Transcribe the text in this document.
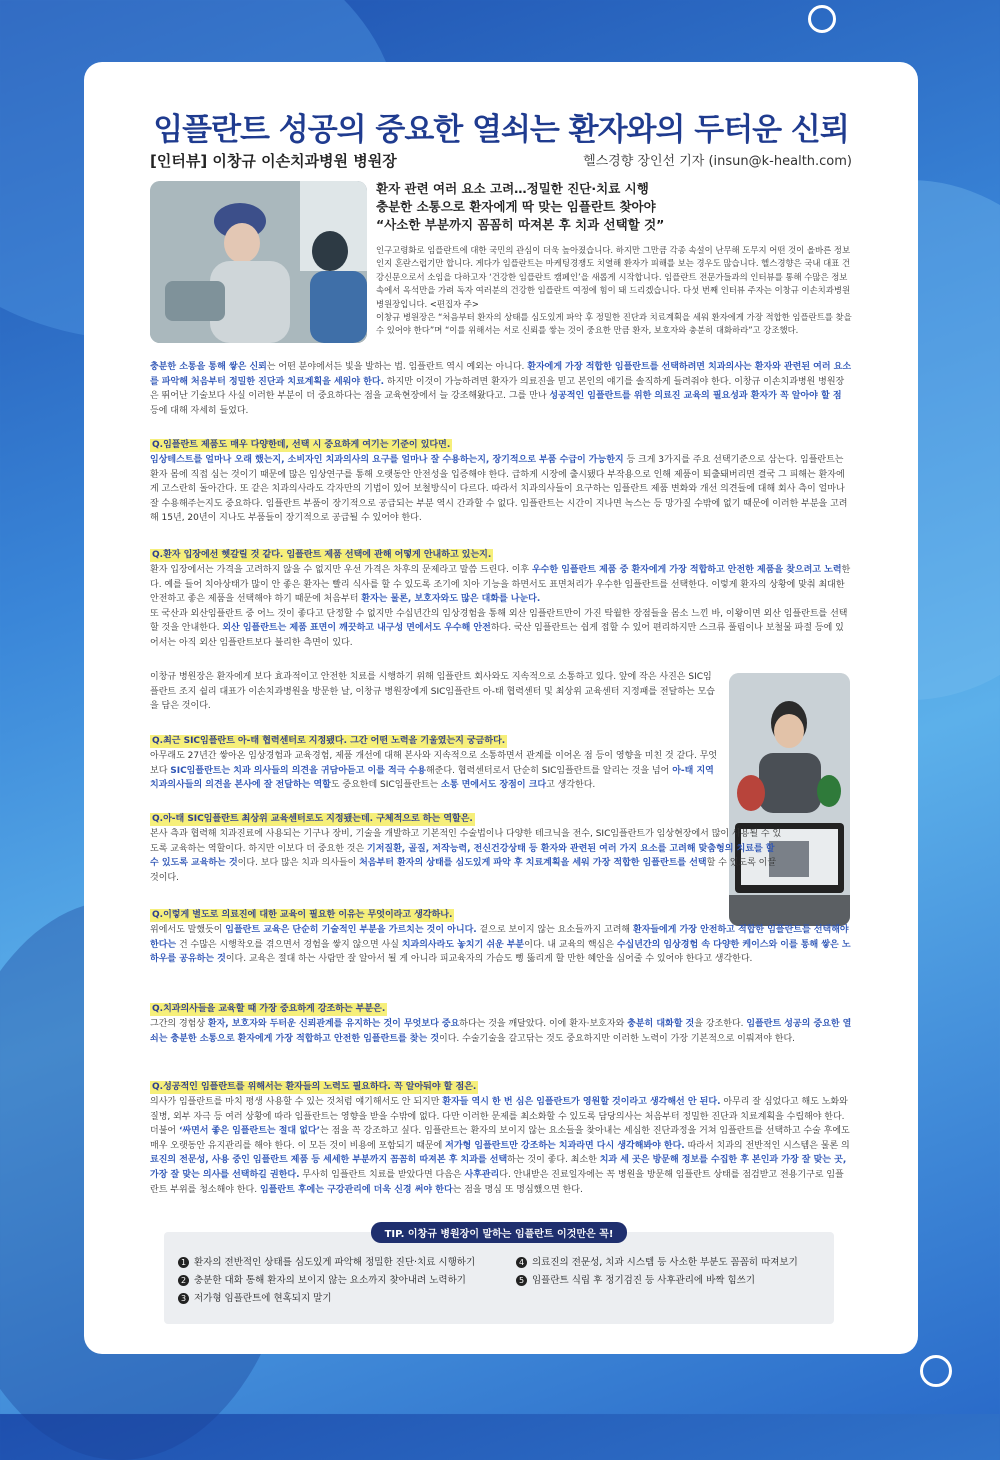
임플란트 성공의 중요한 열쇠는 환자와의 두터운 신뢰
[인터뷰] 이창규 이손치과병원 병원장	헬스경향 장인선 기자 (insun@k-health.com)
환자 관련 여러 요소 고려…정밀한 진단·치료 시행
충분한 소통으로 환자에게 딱 맞는 임플란트 찾아야
“사소한 부분까지 꼼꼼히 따져본 후 치과 선택할 것”
인구고령화로 임플란트에 대한 국민의 관심이 더욱 높아졌습니다. 하지만 그만큼 각종 속설이 난무해 도무지 어떤 것이 올바른 정보인지 혼란스럽기만 합니다. 게다가 임플란트는 마케팅경쟁도 치열해 환자가 피해를 보는 경우도 많습니다. 헬스경향은 국내 대표 건강신문으로서 소임을 다하고자 ‘건강한 임플란트 캠페인’을 새롭게 시작합니다. 임플란트 전문가들과의 인터뷰를 통해 수많은 정보 속에서 옥석만을 가려 독자 여러분의 건강한 임플란트 여정에 힘이 돼 드리겠습니다. 다섯 번째 인터뷰 주자는 이창규 이손치과병원 병원장입니다. <편집자 주>
이창규 병원장은 “처음부터 환자의 상태를 심도있게 파악 후 정밀한 진단과 치료계획을 세워 환자에게 가장 적합한 임플란트를 찾을 수 있어야 한다”며 “이를 위해서는 서로 신뢰를 쌓는 것이 중요한 만큼 환자, 보호자와 충분히 대화하라”고 강조했다.

충분한 소통을 통해 쌓은 신뢰는 어떤 분야에서든 빛을 발하는 법. 임플란트 역시 예외는 아니다. 환자에게 가장 적합한 임플란트를 선택하려면 치과의사는 환자와 관련된 여러 요소를 파악해 처음부터 정밀한 진단과 치료계획을 세워야 한다. 하지만 이것이 가능하려면 환자가 의료진을 믿고 본인의 얘기를 솔직하게 들려줘야 한다. 이창규 이손치과병원 병원장은 뛰어난 기술보다 사실 이러한 부분이 더 중요하다는 점을 교육현장에서 늘 강조해왔다고. 그를 만나 성공적인 임플란트를 위한 의료진 교육의 필요성과 환자가 꼭 알아야 할 점 등에 대해 자세히 들었다.

Q.임플란트 제품도 매우 다양한데, 선택 시 중요하게 여기는 기준이 있다면.

임상테스트를 얼마나 오래 했는지, 소비자인 치과의사의 요구를 얼마나 잘 수용하는지, 장기적으로 부품 수급이 가능한지 등 크게 3가지를 주요 선택기준으로 삼는다. 임플란트는 환자 몸에 직접 심는 것이기 때문에 많은 임상연구를 통해 오랫동안 안전성을 입증해야 한다. 급하게 시장에 출시됐다 부작용으로 인해 제품이 퇴출돼버리면 결국 그 피해는 환자에게 고스란히 돌아간다. 또 같은 치과의사라도 각자만의 기법이 있어 보철방식이 다르다. 따라서 치과의사들이 요구하는 임플란트 제품 변화와 개선 의견들에 대해 회사 측이 얼마나 잘 수용해주는지도 중요하다. 임플란트 부품이 장기적으로 공급되는 부분 역시 간과할 수 없다. 임플란트는 시간이 지나면 녹스는 등 망가질 수밖에 없기 때문에 이러한 부분을 고려해 15년, 20년이 지나도 부품들이 장기적으로 공급될 수 있어야 한다.

Q.환자 입장에선 헷갈릴 것 같다. 임플란트 제품 선택에 관해 어떻게 안내하고 있는지.

환자 입장에서는 가격을 고려하지 않을 수 없지만 우선 가격은 차후의 문제라고 말씀 드린다. 이후 우수한 임플란트 제품 중 환자에게 가장 적합하고 안전한 제품을 찾으려고 노력한다. 예를 들어 치아상태가 많이 안 좋은 환자는 빨리 식사를 할 수 있도록 조기에 치아 기능을 하면서도 표면처리가 우수한 임플란트를 선택한다. 이렇게 환자의 상황에 맞춰 최대한 안전하고 좋은 제품을 선택해야 하기 때문에 처음부터 환자는 물론, 보호자와도 많은 대화를 나눈다.

또 국산과 외산임플란트 중 어느 것이 좋다고 단정할 수 없지만 수십년간의 임상경험을 통해 외산 임플란트만이 가진 탁월한 장점들을 몸소 느낀 바, 이왕이면 외산 임플란트를 선택할 것을 안내한다. 외산 임플란트는 제품 표면이 깨끗하고 내구성 면에서도 우수해 안전하다. 국산 임플란트는 쉽게 접할 수 있어 편리하지만 스크류 풀림이나 보철물 파절 등에 있어서는 아직 외산 임플란트보다 불리한 측면이 있다.

이창규 병원장은 환자에게 보다 효과적이고 안전한 치료를 시행하기 위해 임플란트 회사와도 지속적으로 소통하고 있다. 앞에 작은 사진은 SIC임플란트 조지 쉴리 대표가 이손치과병원을 방문한 날, 이창규 병원장에게 SIC임플란트 아-태 협력센터 및 최상위 교육센터 지정패를 전달하는 모습을 담은 것이다.

Q.최근 SIC임플란트 아-태 협력센터로 지정됐다. 그간 어떤 노력을 기울였는지 궁금하다.

아무래도 27년간 쌓아온 임상경험과 교육경험, 제품 개선에 대해 본사와 지속적으로 소통하면서 관계를 이어온 점 등이 영향을 미친 것 같다. 무엇보다 SIC임플란트는 치과 의사들의 의견을 귀담아듣고 이를 적극 수용해준다. 협력센터로서 단순히 SIC임플란트를 알리는 것을 넘어 아-태 지역 치과의사들의 의견을 본사에 잘 전달하는 역할도 중요한데 SIC임플란트는 소통 면에서도 장점이 크다고 생각한다.

Q.아-태 SIC임플란트 최상위 교육센터로도 지정됐는데. 구체적으로 하는 역할은.

본사 측과 협력해 치과진료에 사용되는 기구나 장비, 기술을 개발하고 기본적인 수술법이나 다양한 테크닉을 전수, SIC임플란트가 임상현장에서 많이 사용될 수 있도록 교육하는 역할이다. 하지만 이보다 더 중요한 것은 기저질환, 골질, 저작능력, 전신건강상태 등 환자와 관련된 여러 가지 요소를 고려해 맞춤형의 치료를 할 수 있도록 교육하는 것이다. 보다 많은 치과 의사들이 처음부터 환자의 상태를 심도있게 파악 후 치료계획을 세워 가장 적합한 임플란트를 선택할 수 있도록 이끌 것이다.

Q.이렇게 별도로 의료진에 대한 교육이 필요한 이유는 무엇이라고 생각하나.

위에서도 말했듯이 임플란트 교육은 단순히 기술적인 부분을 가르치는 것이 아니다. 겉으로 보이지 않는 요소들까지 고려해 환자들에게 가장 안전하고 적합한 임플란트를 선택해야 한다는 건 수많은 시행착오를 겪으면서 경험을 쌓지 않으면 사실 치과의사라도 놓치기 쉬운 부분이다. 내 교육의 핵심은 수십년간의 임상경험 속 다양한 케이스와 이를 통해 쌓은 노하우를 공유하는 것이다. 교육은 절대 하는 사람만 잘 알아서 될 게 아니라 피교육자의 가슴도 뻥 뚫리게 할 만한 혜안을 심어줄 수 있어야 한다고 생각한다.

Q.치과의사들을 교육할 때 가장 중요하게 강조하는 부분은.

그간의 경험상 환자, 보호자와 두터운 신뢰관계를 유지하는 것이 무엇보다 중요하다는 것을 깨달았다. 이에 환자·보호자와 충분히 대화할 것을 강조한다. 임플란트 성공의 중요한 열쇠는 충분한 소통으로 환자에게 가장 적합하고 안전한 임플란트를 찾는 것이다. 수술기술을 갈고닦는 것도 중요하지만 이러한 노력이 가장 기본적으로 이뤄져야 한다.

Q.성공적인 임플란트를 위해서는 환자들의 노력도 필요하다. 꼭 알아둬야 할 점은.

의사가 임플란트를 마치 평생 사용할 수 있는 것처럼 얘기해서도 안 되지만 환자들 역시 한 번 심은 임플란트가 영원할 것이라고 생각해선 안 된다. 아무리 잘 심었다고 해도 노화와 질병, 외부 자극 등 여러 상황에 따라 임플란트는 영향을 받을 수밖에 없다. 다만 이러한 문제를 최소화할 수 있도록 담당의사는 처음부터 정밀한 진단과 치료계획을 수립해야 한다. 더불어 ‘싸면서 좋은 임플란트는 절대 없다’는 점을 꼭 강조하고 싶다. 임플란트는 환자의 보이지 않는 요소들을 찾아내는 세심한 진단과정을 거쳐 임플란트를 선택하고 수술 후에도 매우 오랫동안 유지관리를 해야 한다. 이 모든 것이 비용에 포함되기 때문에 저가형 임플란트만 강조하는 치과라면 다시 생각해봐야 한다. 따라서 치과의 전반적인 시스템은 물론 의료진의 전문성, 사용 중인 임플란트 제품 등 세세한 부분까지 꼼꼼히 따져본 후 치과를 선택하는 것이 좋다. 최소한 치과 세 곳은 방문해 정보를 수집한 후 본인과 가장 잘 맞는 곳, 가장 잘 맞는 의사를 선택하길 권한다. 무사히 임플란트 치료를 받았다면 다음은 사후관리다. 안내받은 진료일자에는 꼭 병원을 방문해 임플란트 상태를 점검받고 전용기구로 임플란트 부위를 청소해야 한다. 임플란트 후에는 구강관리에 더욱 신경 써야 한다는 점을 명심 또 명심했으면 한다.

TIP. 이창규 병원장이 말하는 임플란트 이것만은 꼭!
1 환자의 전반적인 상태를 심도있게 파악해 정밀한 진단·치료 시행하기
2 충분한 대화 통해 환자의 보이지 않는 요소까지 찾아내려 노력하기
3 저가형 임플란트에 현혹되지 말기
4 의료진의 전문성, 치과 시스템 등 사소한 부분도 꼼꼼히 따져보기
5 임플란트 식립 후 정기검진 등 사후관리에 바짝 힘쓰기
